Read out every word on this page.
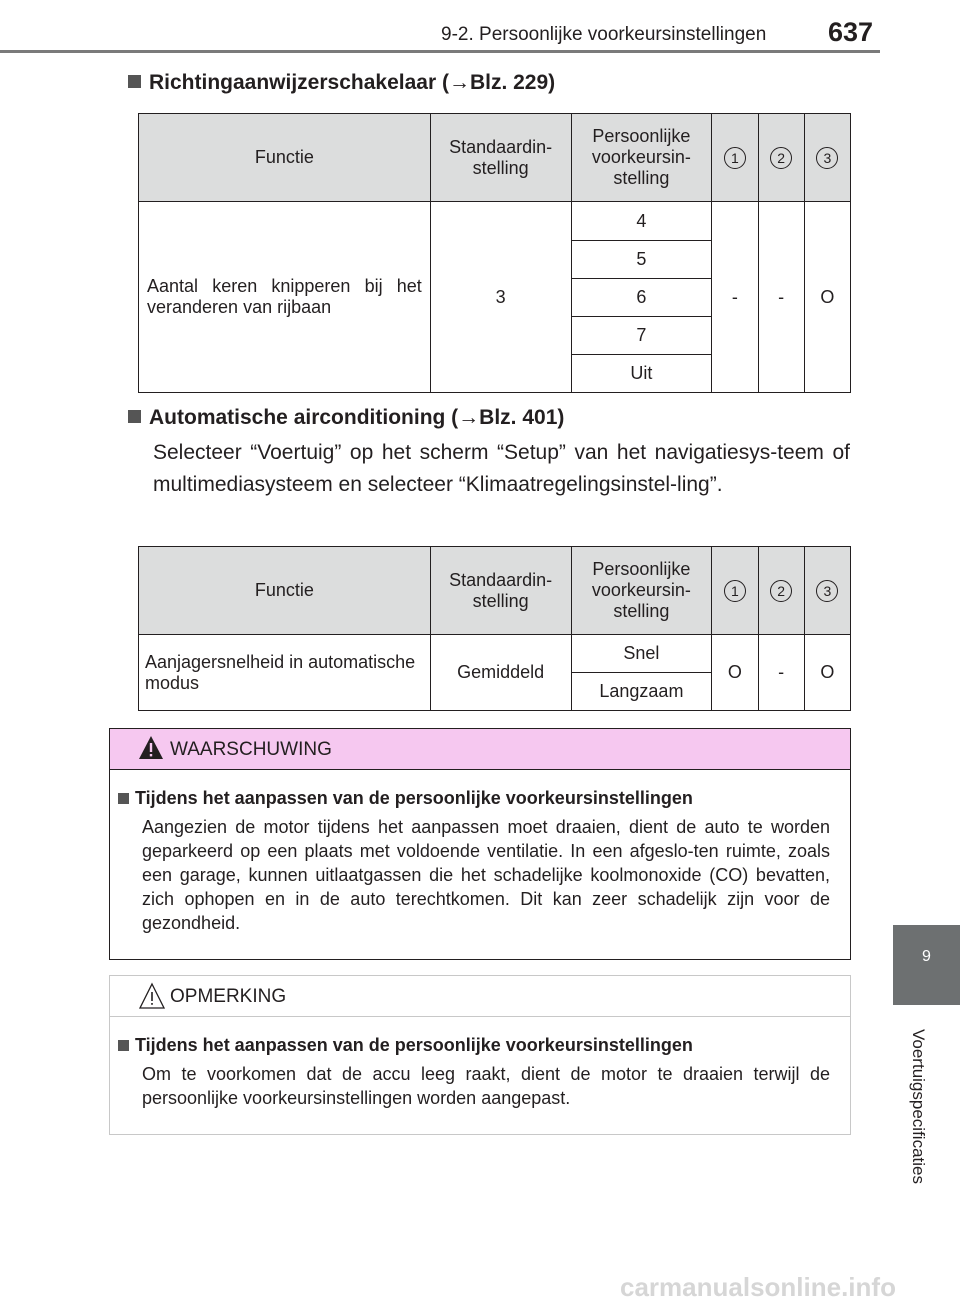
9-2. Persoonlijke voorkeursinstellingen 637
9
Voertuigspecificaties
Richtingaanwijzerschakelaar (→Blz. 229)
Functie	Standaardin-stelling	Persoonlijke voorkeursin-stelling	1	2	3
Aantal keren knipperen bij het veranderen van rijbaan	3	4	-	-	O
		5			
		6			
		7			
		Uit			
Automatische airconditioning (→Blz. 401)
Selecteer “Voertuig” op het scherm “Setup” van het navigatiesys-teem of multimediasysteem en selecteer “Klimaatregelingsinstel-ling”.
Functie	Standaardin-stelling	Persoonlijke voorkeursin-stelling	1	2	3
Aanjagersnelheid in automatische modus	Gemiddeld	Snel	O	-	O
		Langzaam			
WAARSCHUWING

Tijdens het aanpassen van de persoonlijke voorkeursinstellingen

Aangezien de motor tijdens het aanpassen moet draaien, dient de auto te worden geparkeerd op een plaats met voldoende ventilatie. In een afgeslo-ten ruimte, zoals een garage, kunnen uitlaatgassen die het schadelijke koolmonoxide (CO) bevatten, zich ophopen en in de auto terechtkomen. Dit kan zeer schadelijk zijn voor de gezondheid.

OPMERKING

Tijdens het aanpassen van de persoonlijke voorkeursinstellingen

Om te voorkomen dat de accu leeg raakt, dient de motor te draaien terwijl de persoonlijke voorkeursinstellingen worden aangepast.

carmanualsonline.info
